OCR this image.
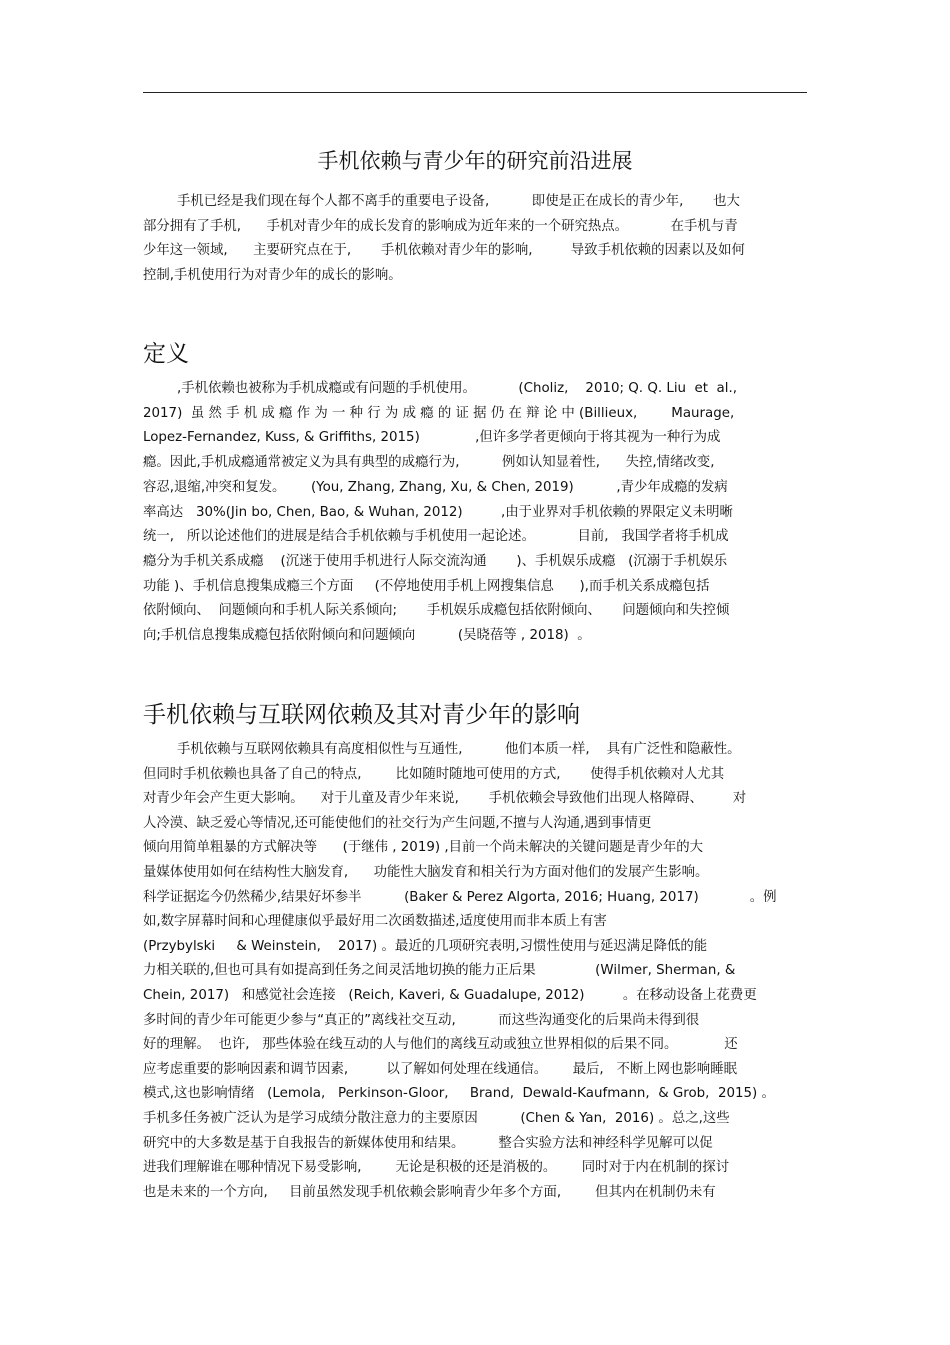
手机依赖与青少年的研究前沿进展
手机已经是我们现在每个人都不离手的重要电子设备,          即使是正在成长的青少年,       也大
部分拥有了手机,      手机对青少年的成长发育的影响成为近年来的一个研究热点。          在手机与青
少年这一领域,      主要研究点在于,       手机依赖对青少年的影响,         导致手机依赖的因素以及如何
控制,手机使用行为对青少年的成长的影响。
定义
,手机依赖也被称为手机成瘾或有问题的手机使用。          (Choliz,    2010; Q. Q. Liu  et  al.,
2017)  虽 然 手 机 成 瘾 作 为 一 种 行 为 成 瘾 的 证 据 仍 在 辩 论 中 (Billieux,        Maurage,
Lopez-Fernandez, Kuss, & Griffiths, 2015)             ,但许多学者更倾向于将其视为一种行为成
瘾。因此,手机成瘾通常被定义为具有典型的成瘾行为,          例如认知显着性,      失控,情绪改变,
容忍,退缩,冲突和复发。      (You, Zhang, Zhang, Xu, & Chen, 2019)          ,青少年成瘾的发病
率高达   30%(Jin bo, Chen, Bao, & Wuhan, 2012)         ,由于业界对手机依赖的界限定义未明晰
统一,   所以论述他们的进展是结合手机依赖与手机使用一起论述。          目前,   我国学者将手机成
瘾分为手机关系成瘾    (沉迷于使用手机进行人际交流沟通       )、手机娱乐成瘾   (沉溺于手机娱乐
功能 )、手机信息搜集成瘾三个方面     (不停地使用手机上网搜集信息      ),而手机关系成瘾包括
依附倾向、  问题倾向和手机人际关系倾向;       手机娱乐成瘾包括依附倾向、     问题倾向和失控倾
向;手机信息搜集成瘾包括依附倾向和问题倾向          (吴晓蓓等 , 2018)  。
手机依赖与互联网依赖及其对青少年的影响
手机依赖与互联网依赖具有高度相似性与互通性,          他们本质一样,    具有广泛性和隐蔽性。
但同时手机依赖也具备了自己的特点,        比如随时随地可使用的方式,       使得手机依赖对人尤其
对青少年会产生更大影响。    对于儿童及青少年来说,       手机依赖会导致他们出现人格障碍、       对
人冷漠、缺乏爱心等情况,还可能使他们的社交行为产生问题,不擅与人沟通,遇到事情更
倾向用简单粗暴的方式解决等      (于继伟 , 2019) ,目前一个尚未解决的关键问题是青少年的大
量媒体使用如何在结构性大脑发育,      功能性大脑发育和相关行为方面对他们的发展产生影响。
科学证据迄今仍然稀少,结果好坏参半          (Baker & Perez Algorta, 2016; Huang, 2017)            。例
如,数字屏幕时间和心理健康似乎最好用二次函数描述,适度使用而非本质上有害
(Przybylski     & Weinstein,    2017) 。最近的几项研究表明,习惯性使用与延迟满足降低的能
力相关联的,但也可具有如提高到任务之间灵活地切换的能力正后果              (Wilmer, Sherman, &
Chein, 2017)   和感觉社会连接   (Reich, Kaveri, & Guadalupe, 2012)         。在移动设备上花费更
多时间的青少年可能更少参与“真正的”离线社交互动,          而这些沟通变化的后果尚未得到很
好的理解。  也许,   那些体验在线互动的人与他们的离线互动或独立世界相似的后果不同。           还
应考虑重要的影响因素和调节因素,         以了解如何处理在线通信。      最后,   不断上网也影响睡眠
模式,这也影响情绪   (Lemola,   Perkinson-Gloor,     Brand,  Dewald-Kaufmann,  & Grob,  2015) 。
手机多任务被广泛认为是学习成绩分散注意力的主要原因          (Chen & Yan,  2016) 。总之,这些
研究中的大多数是基于自我报告的新媒体使用和结果。        整合实验方法和神经科学见解可以促
进我们理解谁在哪种情况下易受影响,        无论是积极的还是消极的。      同时对于内在机制的探讨
也是未来的一个方向,     目前虽然发现手机依赖会影响青少年多个方面,        但其内在机制仍未有
